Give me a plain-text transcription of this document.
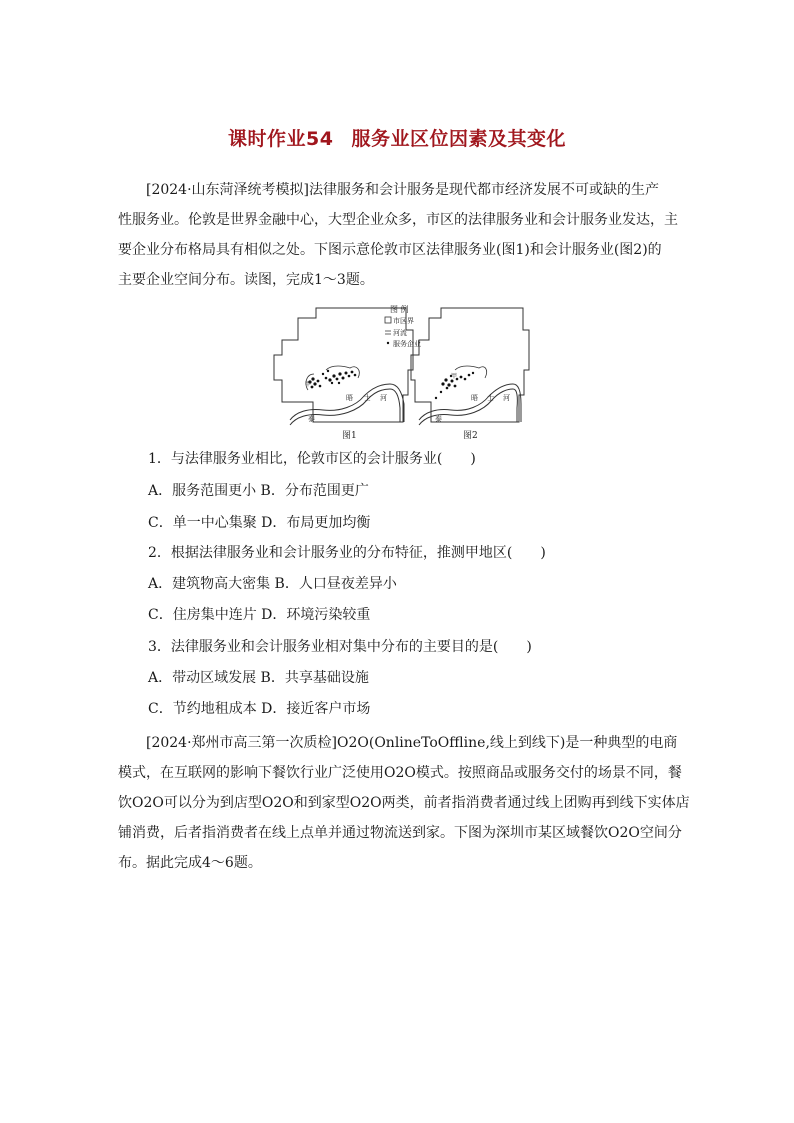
课时作业54 服务业区位因素及其变化
[2024·山东菏泽统考模拟]法律服务和会计服务是现代都市经济发展不可或缺的生产
性服务业。伦敦是世界金融中心，大型企业众多，市区的法律服务业和会计服务业发达，主
要企业分布格局具有相似之处。下图示意伦敦市区法律服务业(图1)和会计服务业(图2)的
主要企业空间分布。读图，完成1～3题。
甲
泰
晤 士 河
图1
图 例
市区界
河流
服务企业
甲
泰
晤 士 河
图2
1．与法律服务业相比，伦敦市区的会计服务业(　　)
A．服务范围更小 B．分布范围更广
C．单一中心集聚 D．布局更加均衡
2．根据法律服务业和会计服务业的分布特征，推测甲地区(　　)
A．建筑物高大密集 B．人口昼夜差异小
C．住房集中连片 D．环境污染较重
3．法律服务业和会计服务业相对集中分布的主要目的是(　　)
A．带动区域发展 B．共享基础设施
C．节约地租成本 D．接近客户市场
[2024·郑州市高三第一次质检]O2O(OnlineToOffline,线上到线下)是一种典型的电商
模式，在互联网的影响下餐饮行业广泛使用O2O模式。按照商品或服务交付的场景不同，餐
饮O2O可以分为到店型O2O和到家型O2O两类，前者指消费者通过线上团购再到线下实体店
铺消费，后者指消费者在线上点单并通过物流送到家。下图为深圳市某区域餐饮O2O空间分
布。据此完成4～6题。
